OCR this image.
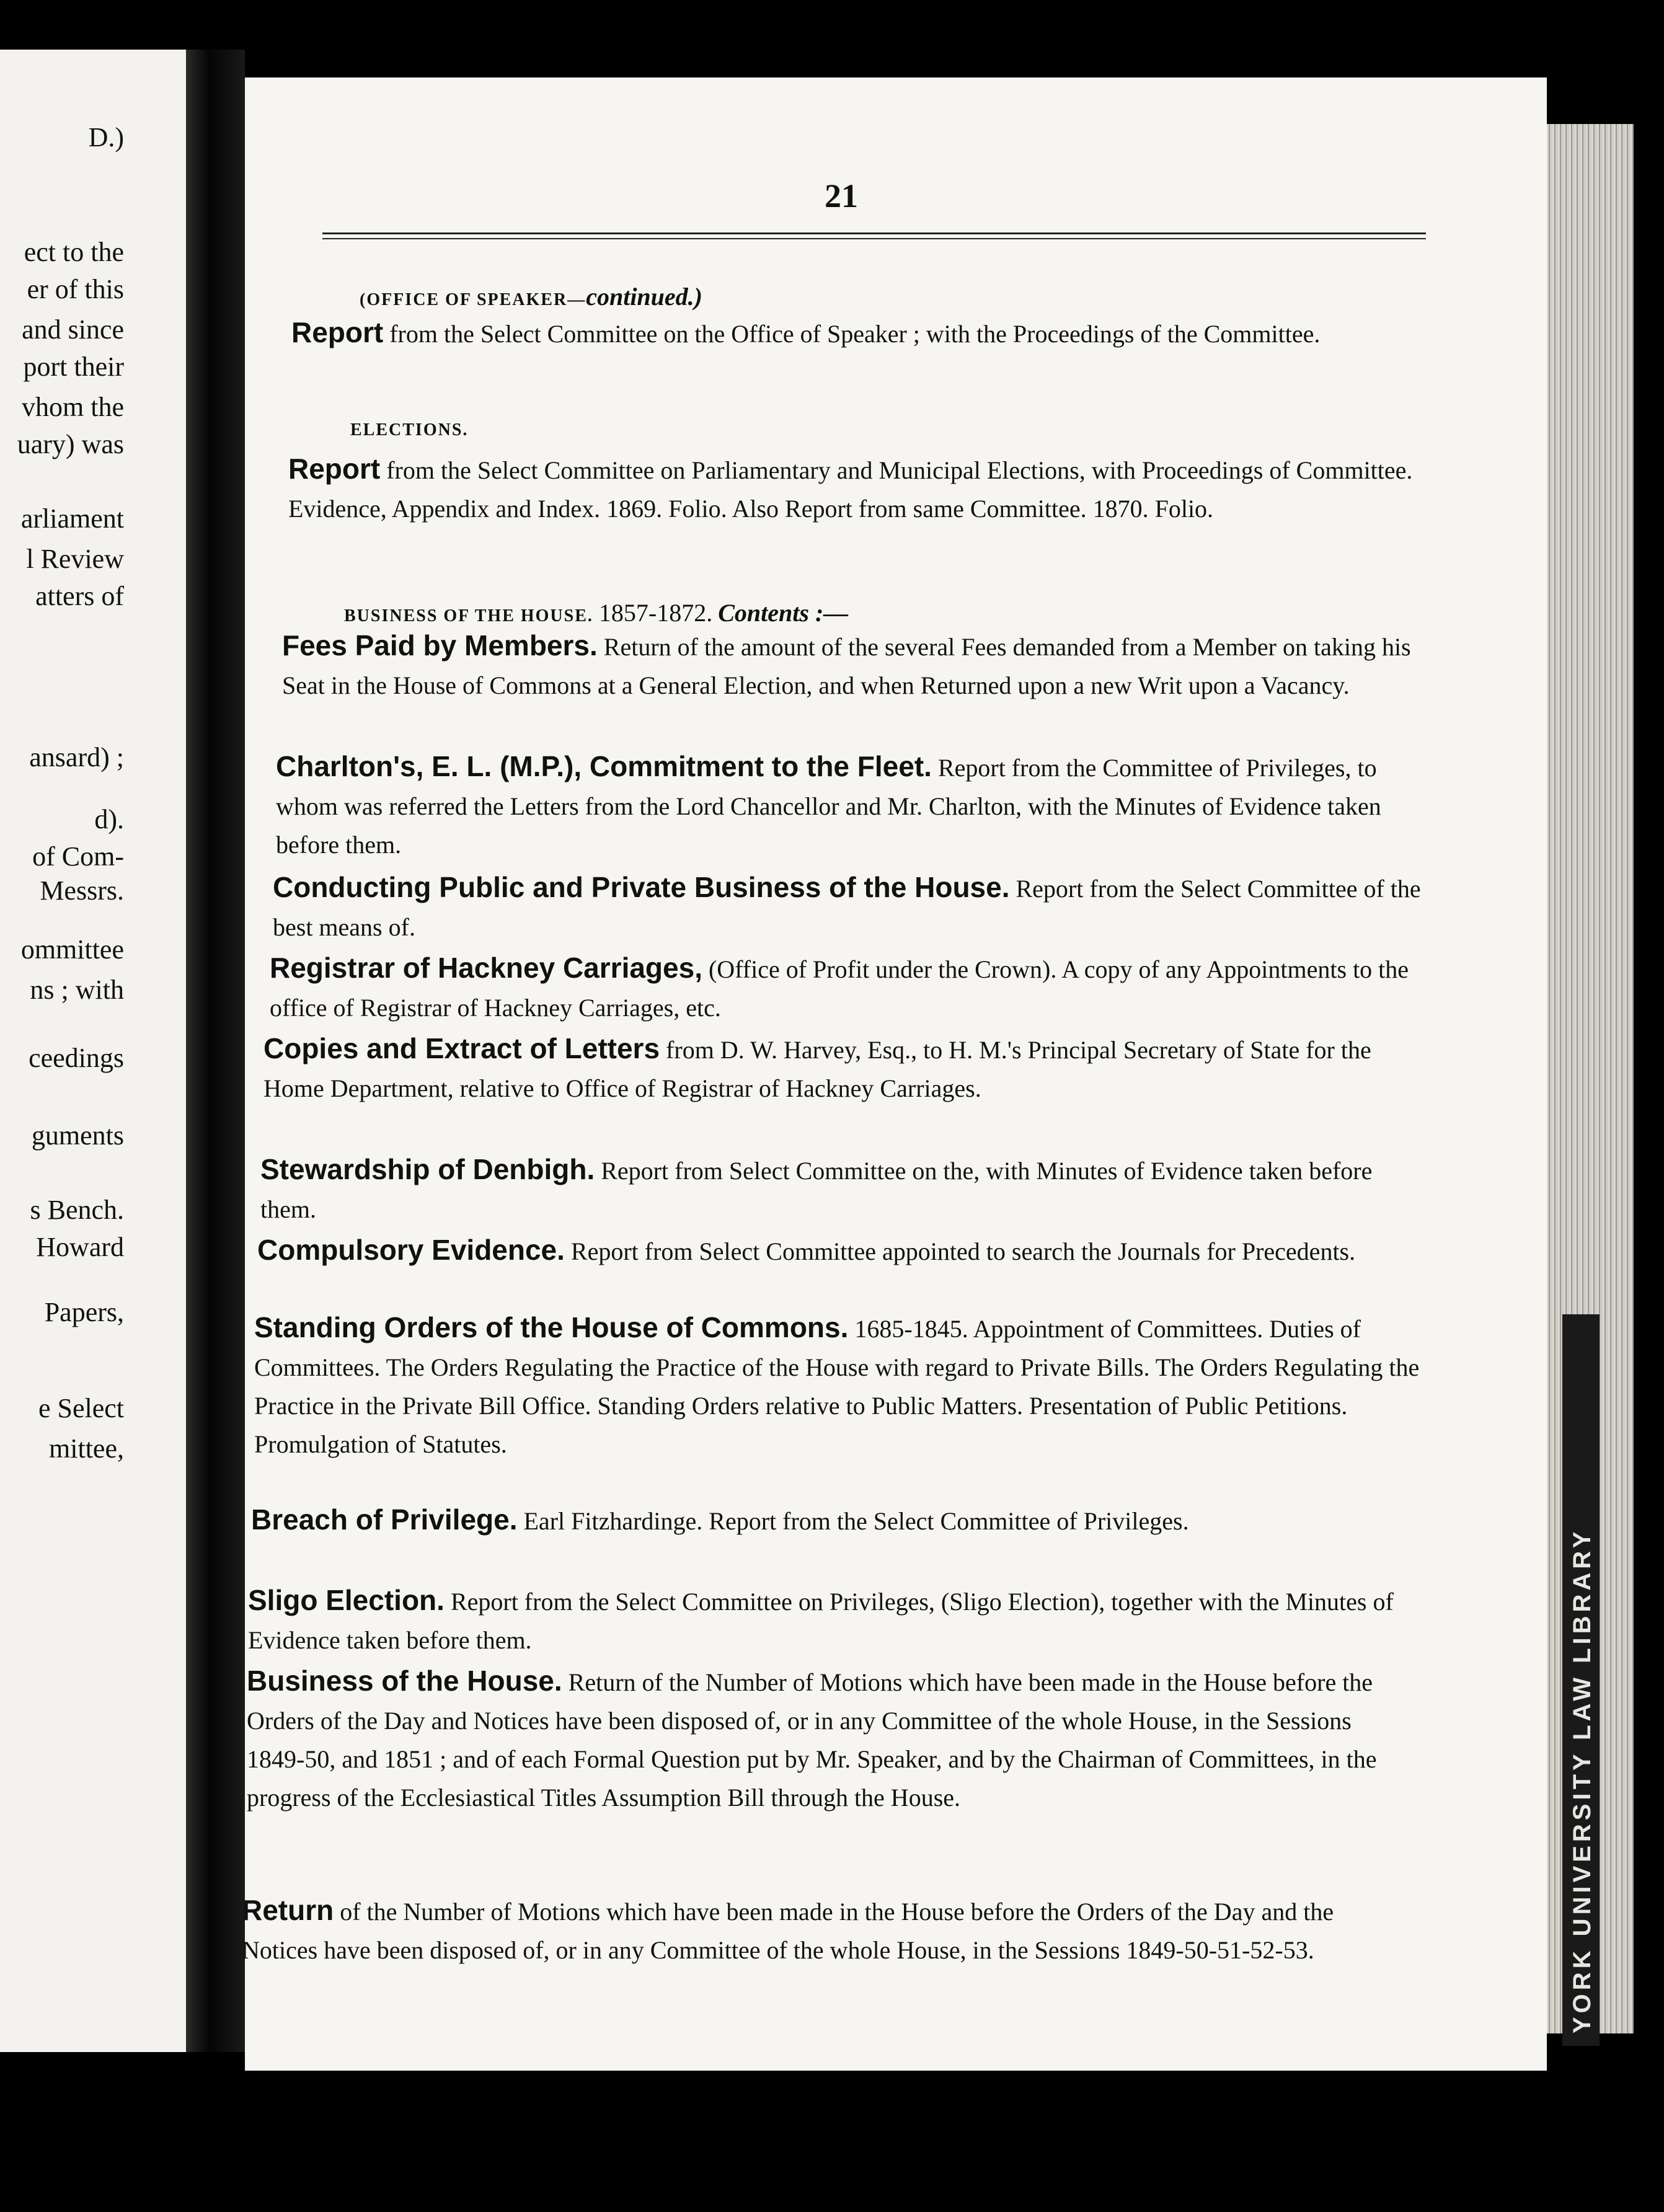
D.)
ect to the
er of this
and since
port their
vhom the
uary) was
arliament
l Review
atters of
ansard) ;
d).
of Com-
Messrs.
ommittee
ns ; with
ceedings
guments
s Bench.
Howard
Papers,
e Select
mittee,
YORK UNIVERSITY LAW LIBRARY
21
(OFFICE OF SPEAKER—continued.)
Report from the Select Committee on the Office of Speaker ; with the Proceedings of the Committee.
ELECTIONS.
Report from the Select Committee on Parliamentary and Municipal Elections, with Proceedings of Committee. Evidence, Appendix and Index. 1869. Folio. Also Report from same Committee. 1870. Folio.
BUSINESS OF THE HOUSE. 1857-1872. Contents :—
Fees Paid by Members. Return of the amount of the several Fees demanded from a Member on taking his Seat in the House of Commons at a General Election, and when Returned upon a new Writ upon a Vacancy.
Charlton's, E. L. (M.P.), Commitment to the Fleet. Report from the Committee of Privileges, to whom was referred the Letters from the Lord Chancellor and Mr. Charlton, with the Minutes of Evidence taken before them.
Conducting Public and Private Business of the House. Report from the Select Committee of the best means of.
Registrar of Hackney Carriages, (Office of Profit under the Crown). A copy of any Appointments to the office of Registrar of Hackney Carriages, etc.
Copies and Extract of Letters from D. W. Harvey, Esq., to H. M.'s Principal Secretary of State for the Home Department, relative to Office of Registrar of Hackney Carriages.
Stewardship of Denbigh. Report from Select Committee on the, with Minutes of Evidence taken before them.
Compulsory Evidence. Report from Select Committee appointed to search the Journals for Precedents.
Standing Orders of the House of Commons. 1685-1845. Appointment of Committees. Duties of Committees. The Orders Regulating the Practice of the House with regard to Private Bills. The Orders Regulating the Practice in the Private Bill Office. Standing Orders relative to Public Matters. Presentation of Public Petitions. Promulgation of Statutes.
Breach of Privilege. Earl Fitzhardinge. Report from the Select Committee of Privileges.
Sligo Election. Report from the Select Committee on Privileges, (Sligo Election), together with the Minutes of Evidence taken before them.
Business of the House. Return of the Number of Motions which have been made in the House before the Orders of the Day and Notices have been disposed of, or in any Committee of the whole House, in the Sessions 1849-50, and 1851 ; and of each Formal Question put by Mr. Speaker, and by the Chairman of Committees, in the progress of the Ecclesiastical Titles Assumption Bill through the House.
Return of the Number of Motions which have been made in the House before the Orders of the Day and the Notices have been disposed of, or in any Committee of the whole House, in the Sessions 1849-50-51-52-53.
